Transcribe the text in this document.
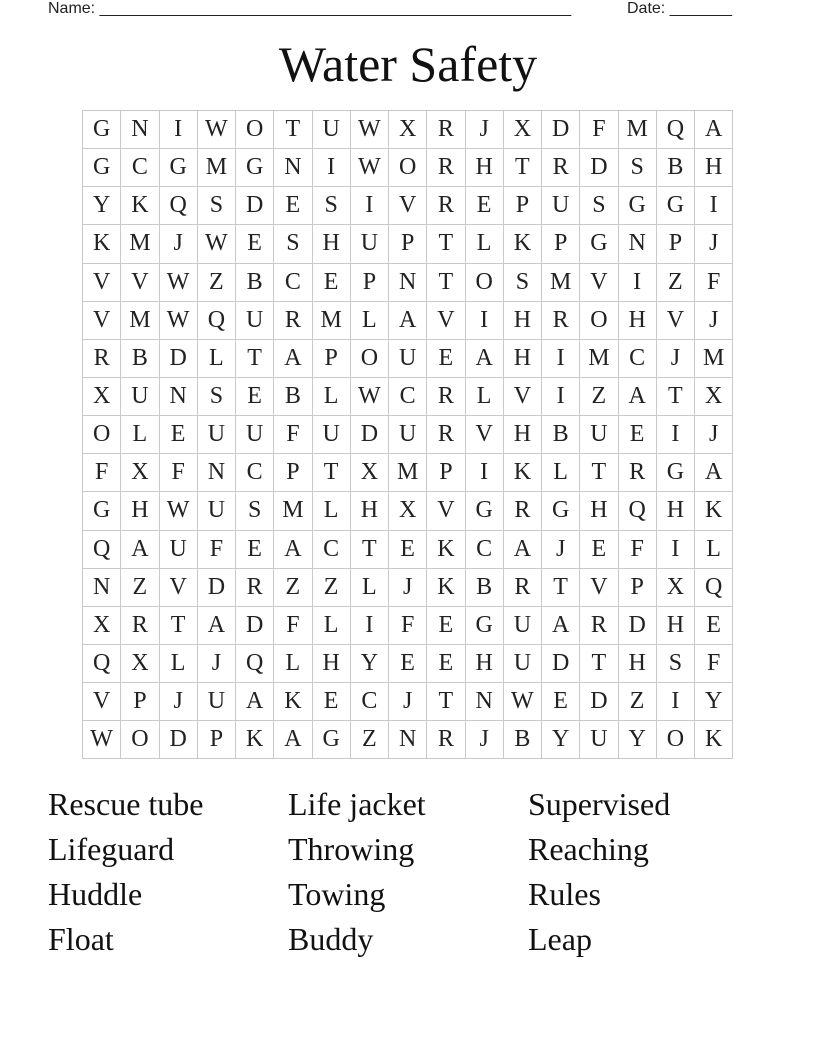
Name: _____________________________________________________	Date: _______
Water Safety
G	N	I	W	O	T	U	W	X	R	J	X	D	F	M	Q	A
G	C	G	M	G	N	I	W	O	R	H	T	R	D	S	B	H
Y	K	Q	S	D	E	S	I	V	R	E	P	U	S	G	G	I
K	M	J	W	E	S	H	U	P	T	L	K	P	G	N	P	J
V	V	W	Z	B	C	E	P	N	T	O	S	M	V	I	Z	F
V	M	W	Q	U	R	M	L	A	V	I	H	R	O	H	V	J
R	B	D	L	T	A	P	O	U	E	A	H	I	M	C	J	M
X	U	N	S	E	B	L	W	C	R	L	V	I	Z	A	T	X
O	L	E	U	U	F	U	D	U	R	V	H	B	U	E	I	J
F	X	F	N	C	P	T	X	M	P	I	K	L	T	R	G	A
G	H	W	U	S	M	L	H	X	V	G	R	G	H	Q	H	K
Q	A	U	F	E	A	C	T	E	K	C	A	J	E	F	I	L
N	Z	V	D	R	Z	Z	L	J	K	B	R	T	V	P	X	Q
X	R	T	A	D	F	L	I	F	E	G	U	A	R	D	H	E
Q	X	L	J	Q	L	H	Y	E	E	H	U	D	T	H	S	F
V	P	J	U	A	K	E	C	J	T	N	W	E	D	Z	I	Y
W	O	D	P	K	A	G	Z	N	R	J	B	Y	U	Y	O	K
Rescue tube	Life jacket	Supervised
Lifeguard	Throwing	Reaching
Huddle	Towing	Rules
Float	Buddy	Leap
